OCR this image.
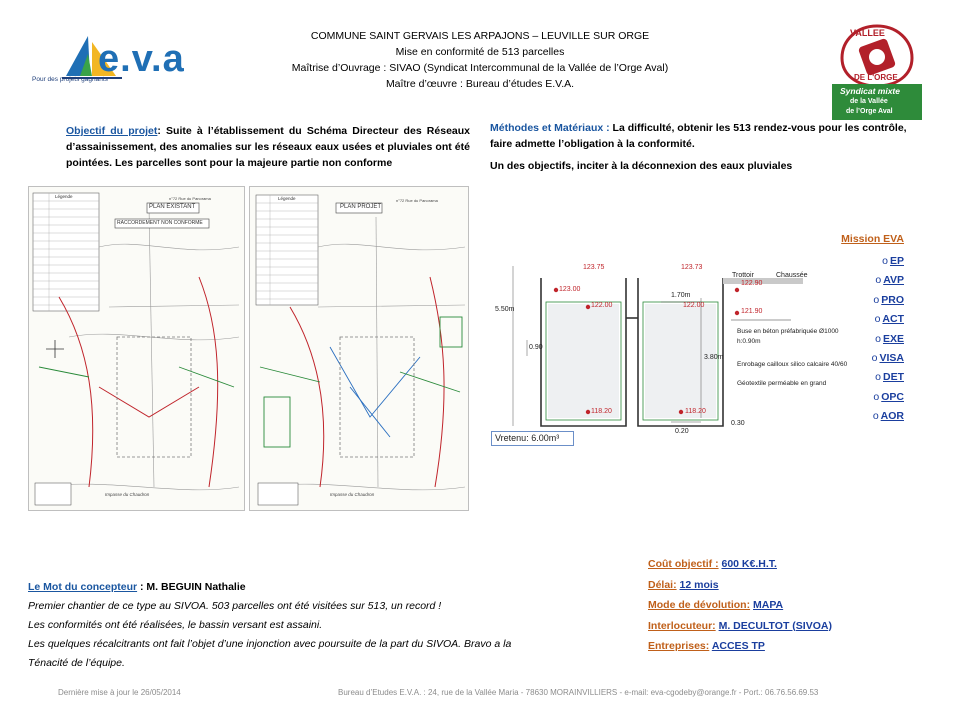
COMMUNE SAINT GERVAIS LES ARPAJONS – LEUVILLE SUR ORGE
Mise en conformité de 513 parcelles
Maîtrise d’Ouvrage : SIVAO (Syndicat Intercommunal de la Vallée de l’Orge Aval)
Maître d’œuvre : Bureau d’études E.V.A.
e.v.a
Pour des projets gagnants
VALLEE
DE L'ORGE
Syndicat mixte
de la Vallée
de l’Orge Aval
Objectif du projet: Suite à l’établissement du Schéma Directeur des Réseaux d’assainissement, des anomalies sur les réseaux eaux usées et pluviales ont été pointées. Les parcelles sont pour la majeure partie non conforme

Méthodes et Matériaux : La difficulté, obtenir les 513 rendez-vous pour les contrôle, faire admette l’obligation à la conformité.

Un des objectifs, inciter à la déconnexion des eaux pluviales

Légende
PLAN EXISTANT
RACCORDEMENT NON CONFORME
n°72 Rue du Panorama
Impasse du Chaudron
Légende
PLAN PROJET
n°72 Rue du Panorama
Impasse du Chaudron
123.75	123.73
123.00
122.00	122.00
122.90
121.90
118.20	118.20
5.50m
0.90
1.70m
3.80m
0.20
0.30
Trottoir	Chaussée
Buse en béton préfabriquée Ø1000
h:0.90m
Enrobage cailloux silico calcaire 40/60
Géotextile perméable en grand
Vretenu: 6.00m³
Mission EVA
o EP
o AVP
o PRO
o ACT
o EXE
o VISA
o DET
o OPC
o AOR
Coût objectif : 600 K€.H.T.
Délai: 12 mois
Mode de dévolution: MAPA
Interlocuteur: M. DECULTOT (SIVOA)
Entreprises: ACCES TP
Le Mot du concepteur : M. BEGUIN Nathalie
Premier chantier de ce type au SIVOA. 503 parcelles ont été visitées sur 513, un record !
Les conformités ont été réalisées, le bassin versant est assaini.
Les quelques récalcitrants ont fait l’objet d’une injonction avec poursuite de la part du SIVOA. Bravo a la
Ténacité de l’équipe.
Dernière mise à jour le 26/05/2014	Bureau d’Etudes E.V.A. : 24, rue de la Vallée Maria - 78630 MORAINVILLIERS - e-mail: eva-cgodeby@orange.fr - Port.: 06.76.56.69.53
